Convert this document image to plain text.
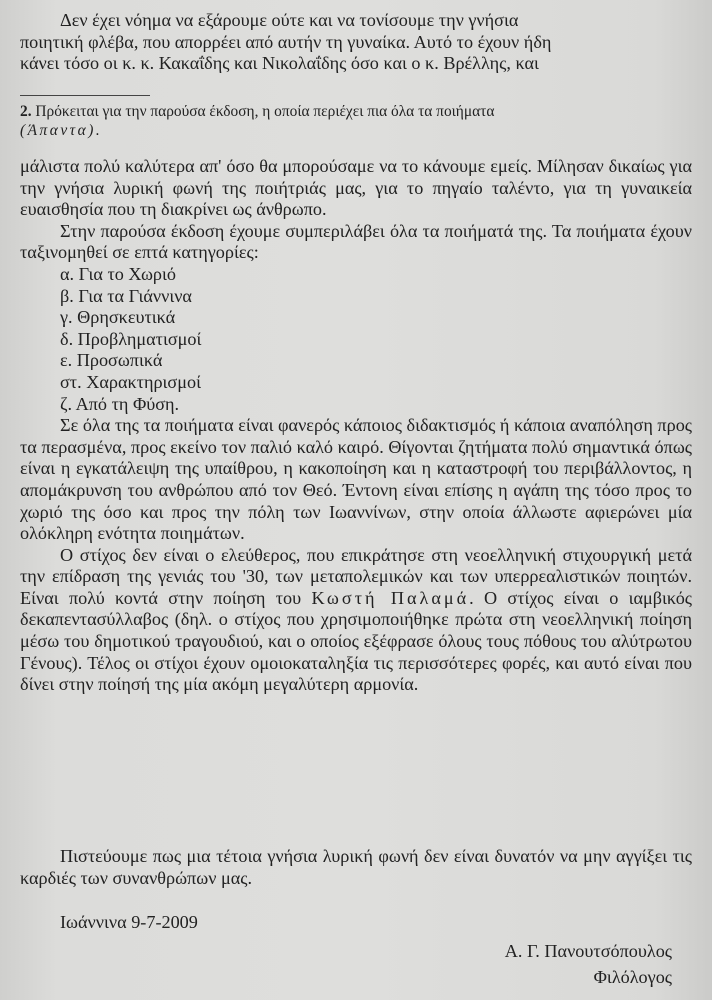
Δεν έχει νόημα να εξάρουμε ούτε και να τονίσουμε την γνήσια

ποιητική φλέβα, που απορρέει από αυτήν τη γυναίκα. Αυτό το έχουν ήδη

κάνει τόσο οι κ. κ. Κακαΐδης και Νικολαΐδης όσο και ο κ. Βρέλλης, και

2. Πρόκειται για την παρούσα έκδοση, η οποία περιέχει πια όλα τα ποιήματα
(Άπαντα).

μάλιστα πολύ καλύτερα απ' όσο θα μπορούσαμε να το κάνουμε εμείς. Μίλησαν δικαίως για την γνήσια λυρική φωνή της ποιήτριάς μας, για το πηγαίο ταλέντο, για τη γυναικεία ευαισθησία που τη διακρίνει ως άνθρωπο.

Στην παρούσα έκδοση έχουμε συμπεριλάβει όλα τα ποιήματά της. Τα ποιήματα έχουν ταξινομηθεί σε επτά κατηγορίες:

α. Για το Χωριό
β. Για τα Γιάννινα
γ. Θρησκευτικά
δ. Προβληματισμοί
ε. Προσωπικά
στ. Χαρακτηρισμοί
ζ. Από τη Φύση.

Σε όλα της τα ποιήματα είναι φανερός κάποιος διδακτισμός ή κάποια αναπόληση προς τα περασμένα, προς εκείνο τον παλιό καλό καιρό. Θίγονται ζητήματα πολύ σημαντικά όπως είναι η εγκατάλειψη της υπαίθρου, η κακοποίηση και η καταστροφή του περιβάλλοντος, η απομάκρυνση του ανθρώπου από τον Θεό. Έντονη είναι επίσης η αγάπη της τόσο προς το χωριό της όσο και προς την πόλη των Ιωαννίνων, στην οποία άλλωστε αφιερώνει μία ολόκληρη ενότητα ποιημάτων.

Ο στίχος δεν είναι ο ελεύθερος, που επικράτησε στη νεοελληνική στιχουργική μετά την επίδραση της γενιάς του '30, των μεταπολεμικών και των υπερρεαλιστικών ποιητών. Είναι πολύ κοντά στην ποίηση του Κωστή Παλαμά. Ο στίχος είναι ο ιαμβικός δεκαπεντασύλλαβος (δηλ. ο στίχος που χρησιμοποιήθηκε πρώτα στη νεοελληνική ποίηση μέσω του δημοτικού τραγουδιού, και ο οποίος εξέφρασε όλους τους πόθους του αλύτρωτου Γένους). Τέλος οι στίχοι έχουν ομοιοκαταληξία τις περισσότερες φορές, και αυτό είναι που δίνει στην ποίησή της μία ακόμη μεγαλύτερη αρμονία.

Πιστεύουμε πως μια τέτοια γνήσια λυρική φωνή δεν είναι δυνατόν να μην αγγίξει τις καρδιές των συνανθρώπων μας.

Ιωάννινα 9-7-2009
Α. Γ. Πανουτσόπουλος
Φιλόλογος
